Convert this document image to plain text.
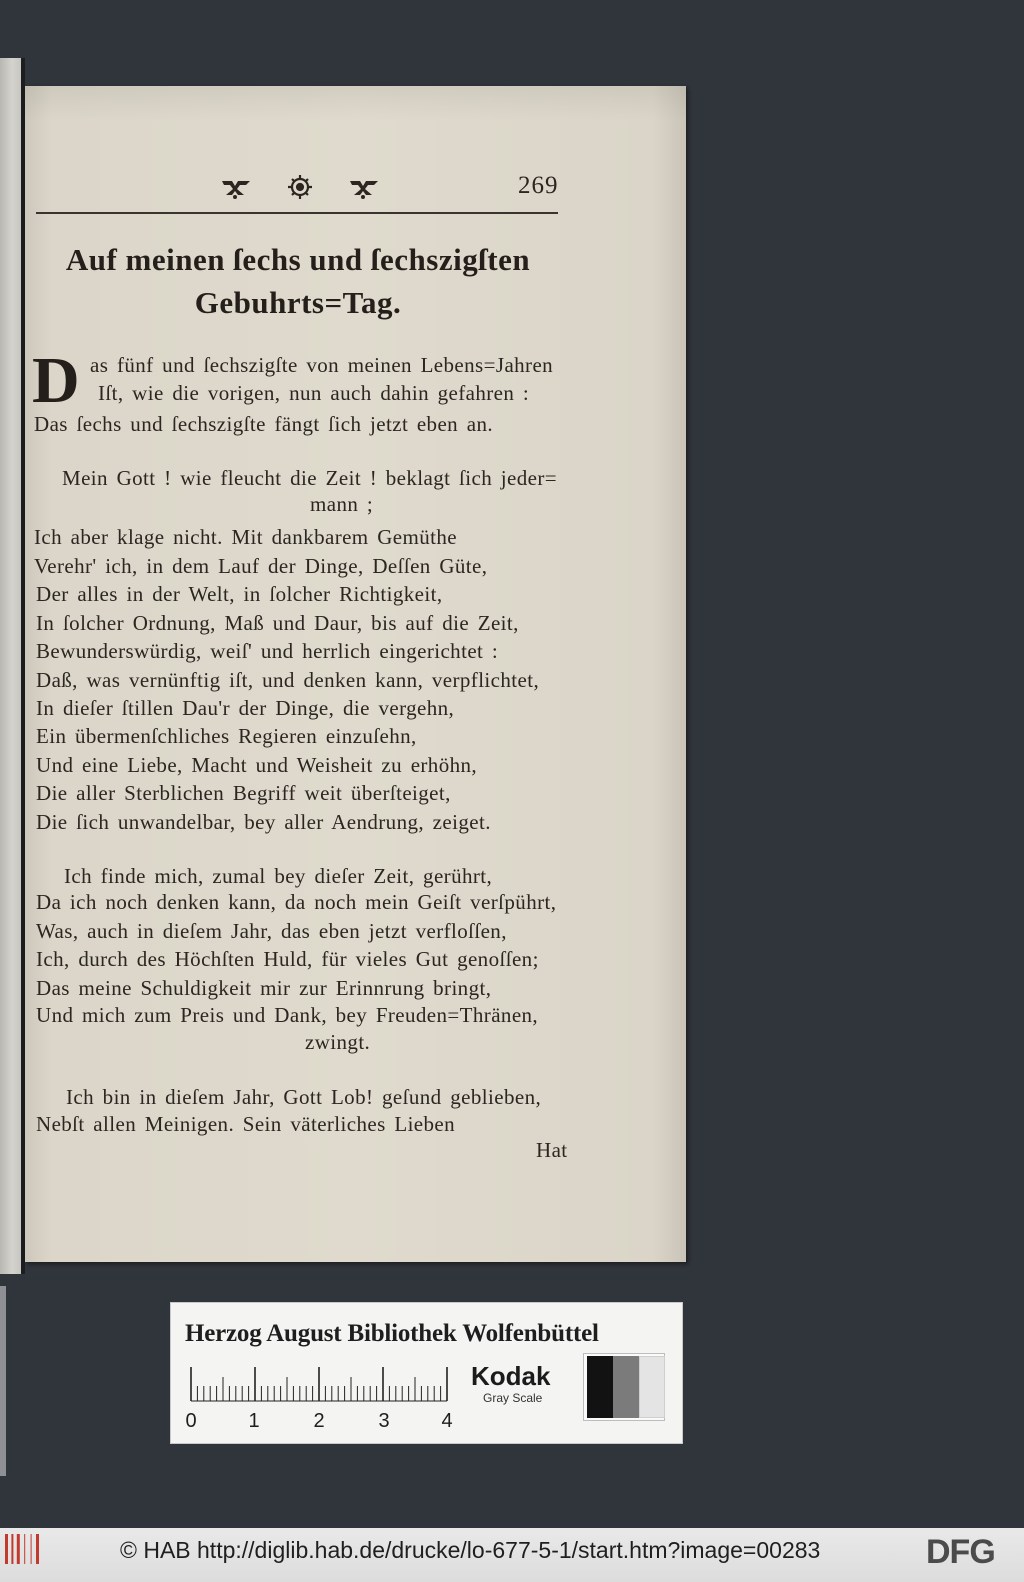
269
Auf meinen ſechs und ſechszigſten
Gebuhrts=Tag.
D as fünf und ſechszigſte von meinen Lebens=Jahren
Iſt, wie die vorigen, nun auch dahin gefahren :
Das ſechs und ſechszigſte fängt ſich jetzt eben an.
Mein Gott ! wie fleucht die Zeit ! beklagt ſich jeder=
mann ;
Ich aber klage nicht. Mit dankbarem Gemüthe
Verehr' ich, in dem Lauf der Dinge, Deſſen Güte,
Der alles in der Welt, in ſolcher Richtigkeit,
In ſolcher Ordnung, Maß und Daur, bis auf die Zeit,
Bewunderswürdig, weiſ' und herrlich eingerichtet :
Daß, was vernünftig iſt, und denken kann, verpflichtet,
In dieſer ſtillen Dau'r der Dinge, die vergehn,
Ein übermenſchliches Regieren einzuſehn,
Und eine Liebe, Macht und Weisheit zu erhöhn,
Die aller Sterblichen Begriff weit überſteiget,
Die ſich unwandelbar, bey aller Aendrung, zeiget.
Ich finde mich, zumal bey dieſer Zeit, gerührt,
Da ich noch denken kann, da noch mein Geiſt verſpührt,
Was, auch in dieſem Jahr, das eben jetzt verfloſſen,
Ich, durch des Höchſten Huld, für vieles Gut genoſſen;
Das meine Schuldigkeit mir zur Erinnrung bringt,
Und mich zum Preis und Dank, bey Freuden=Thränen,
zwingt.
Ich bin in dieſem Jahr, Gott Lob! geſund geblieben,
Nebſt allen Meinigen. Sein väterliches Lieben
Hat
Herzog August Bibliothek Wolfenbüttel
0	1	2	3	4
Kodak
Gray Scale
© HAB http://diglib.hab.de/drucke/lo-677-5-1/start.htm?image=00283	DFG
